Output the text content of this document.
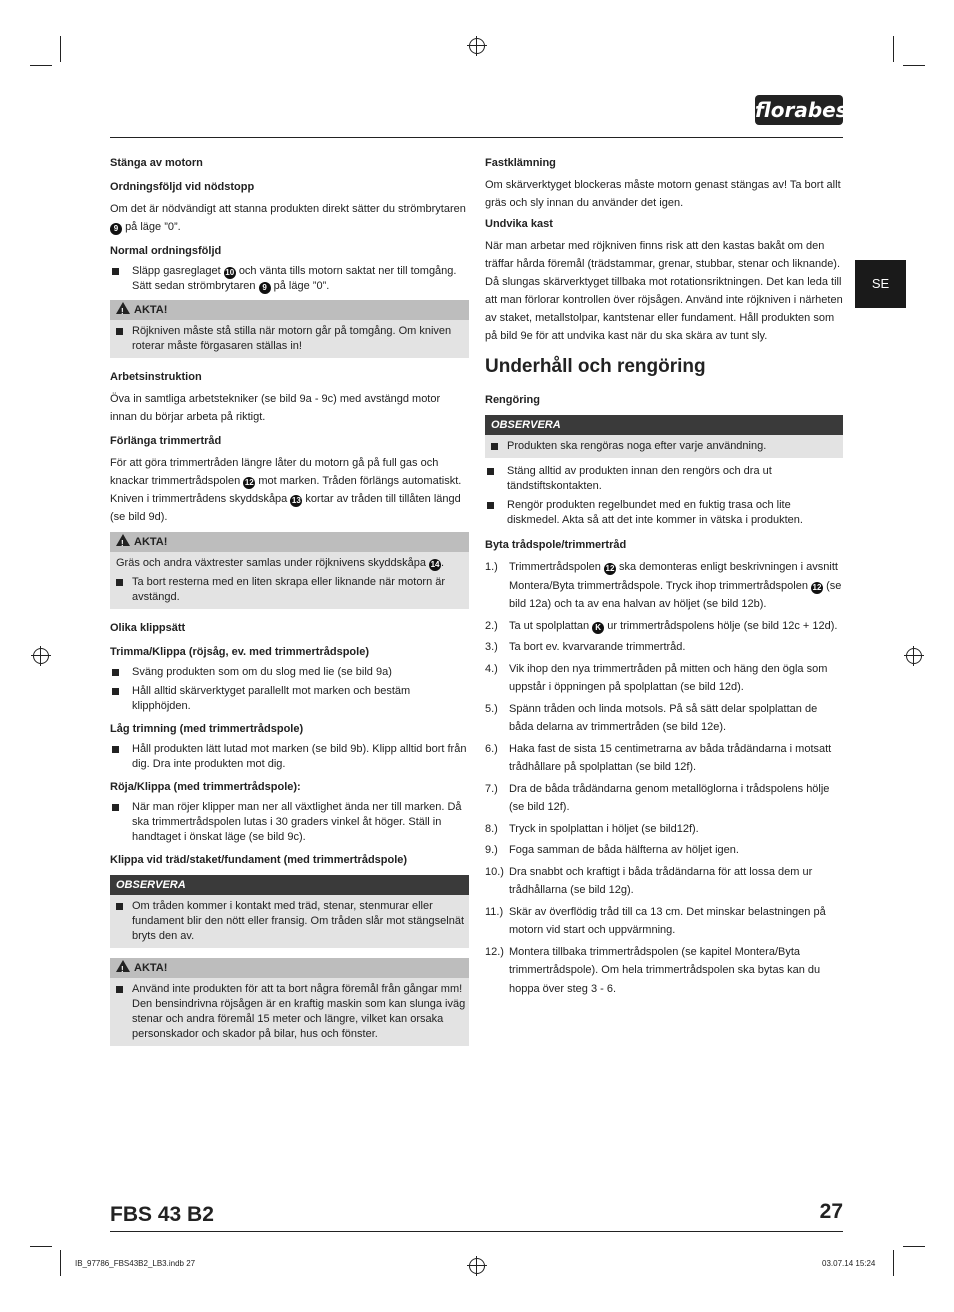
florabest
SE
Stänga av motorn
Ordningsföljd vid nödstopp

Om det är nödvändigt att stanna produkten direkt sätter du strömbrytaren 9 på läge ”0”.

Normal ordningsföljd
Släpp gasreglaget 10 och vänta tills motorn saktat ner till tomgång. Sätt sedan strömbrytaren 9 på läge ”0”.
!AKTA!
Röjkniven måste stå stilla när motorn går på tomgång. Om kniven roterar måste förgasaren ställas in!
Arbetsinstruktion

Öva in samtliga arbetstekniker (se bild 9a - 9c) med avstängd motor innan du börjar arbeta på riktigt.

Förlänga trimmertråd

För att göra trimmertråden längre låter du motorn gå på full gas och knackar trimmertrådspolen 12 mot marken. Tråden förlängs automatiskt. Kniven i trimmertrådens skyddskåpa 13 kortar av tråden till tillåten längd (se bild 9d).

!AKTA!

Gräs och andra växtrester samlas under röjknivens skyddskåpa 14 .

Ta bort resterna med en liten skrapa eller liknande när motorn är avstängd.
Olika klippsätt
Trimma/Klippa (röjsåg, ev. med trimmertrådspole)
Sväng produkten som om du slog med lie (se bild 9a)
Håll alltid skärverktyget parallellt mot marken och bestäm klipphöjden.
Låg trimning (med trimmertrådspole)
Håll produkten lätt lutad mot marken (se bild 9b). Klipp alltid bort från dig. Dra inte produkten mot dig.
Röja/Klippa (med trimmertrådspole):
När man röjer klipper man ner all växtlighet ända ner till marken. Då ska trimmertrådspolen lutas i 30 graders vinkel åt höger. Ställ in handtaget i önskat läge (se bild 9c).
Klippa vid träd/staket/fundament (med trimmertrådspole)
OBSERVERA
Om tråden kommer i kontakt med träd, stenar, stenmurar eller fundament blir den nött eller fransig. Om tråden slår mot stängselnät bryts den av.
!AKTA!
Använd inte produkten för att ta bort några föremål från gångar mm! Den bensindrivna röjsågen är en kraftig maskin som kan slunga iväg stenar och andra föremål 15 meter och längre, vilket kan orsaka personskador och skador på bilar, hus och fönster.
Fastklämning

Om skärverktyget blockeras måste motorn genast stängas av! Ta bort allt gräs och sly innan du använder det igen.

Undvika kast

När man arbetar med röjkniven finns risk att den kastas bakåt om den träffar hårda föremål (trädstammar, grenar, stubbar, stenar och liknande). Då slungas skärverktyget tillbaka mot rotationsriktningen. Det kan leda till att man förlorar kontrollen över röjsågen. Använd inte röjkniven i närheten av staket, metallstolpar, kantstenar eller fundament. Håll produkten som på bild 9e för att undvika kast när du ska skära av tunt sly.

Underhåll och rengöring
Rengöring
OBSERVERA
Produkten ska rengöras noga efter varje användning.
Stäng alltid av produkten innan den rengörs och dra ut tändstiftskontakten.
Rengör produkten regelbundet med en fuktig trasa och lite diskmedel. Akta så att det inte kommer in vätska i produkten.
Byta trådspole/trimmertråd
1.) Trimmertrådspolen 12 ska demonteras enligt beskrivningen i avsnitt Montera/Byta trimmertrådspole. Tryck ihop trimmertrådspolen 12 (se bild 12a) och ta av ena halvan av höljet (se bild 12b).
2.) Ta ut spolplattan K ur trimmertrådspolens hölje (se bild 12c + 12d).
3.) Ta bort ev. kvarvarande trimmertråd.
4.) Vik ihop den nya trimmertråden på mitten och häng den ögla som uppstår i öppningen på spolplattan (se bild 12d).
5.) Spänn tråden och linda motsols. På så sätt delar spolplattan de båda delarna av trimmertråden (se bild 12e).
6.) Haka fast de sista 15 centimetrarna av båda trådändarna i motsatt trådhållare på spolplattan (se bild 12f).
7.) Dra de båda trådändarna genom metallöglorna i trådspolens hölje (se bild 12f).
8.) Tryck in spolplattan i höljet (se bild12f).
9.) Foga samman de båda hälfterna av höljet igen.
10.) Dra snabbt och kraftigt i båda trådändarna för att lossa dem ur trådhållarna (se bild 12g).
11.) Skär av överflödig tråd till ca 13 cm. Det minskar belastningen på motorn vid start och uppvärmning.
12.) Montera tillbaka trimmertrådspolen (se kapitel Montera/Byta trimmertrådspole). Om hela trimmertrådspolen ska bytas kan du hoppa över steg 3 - 6.
FBS 43 B2	27
IB_97786_FBS43B2_LB3.indb 27	03.07.14 15:24
